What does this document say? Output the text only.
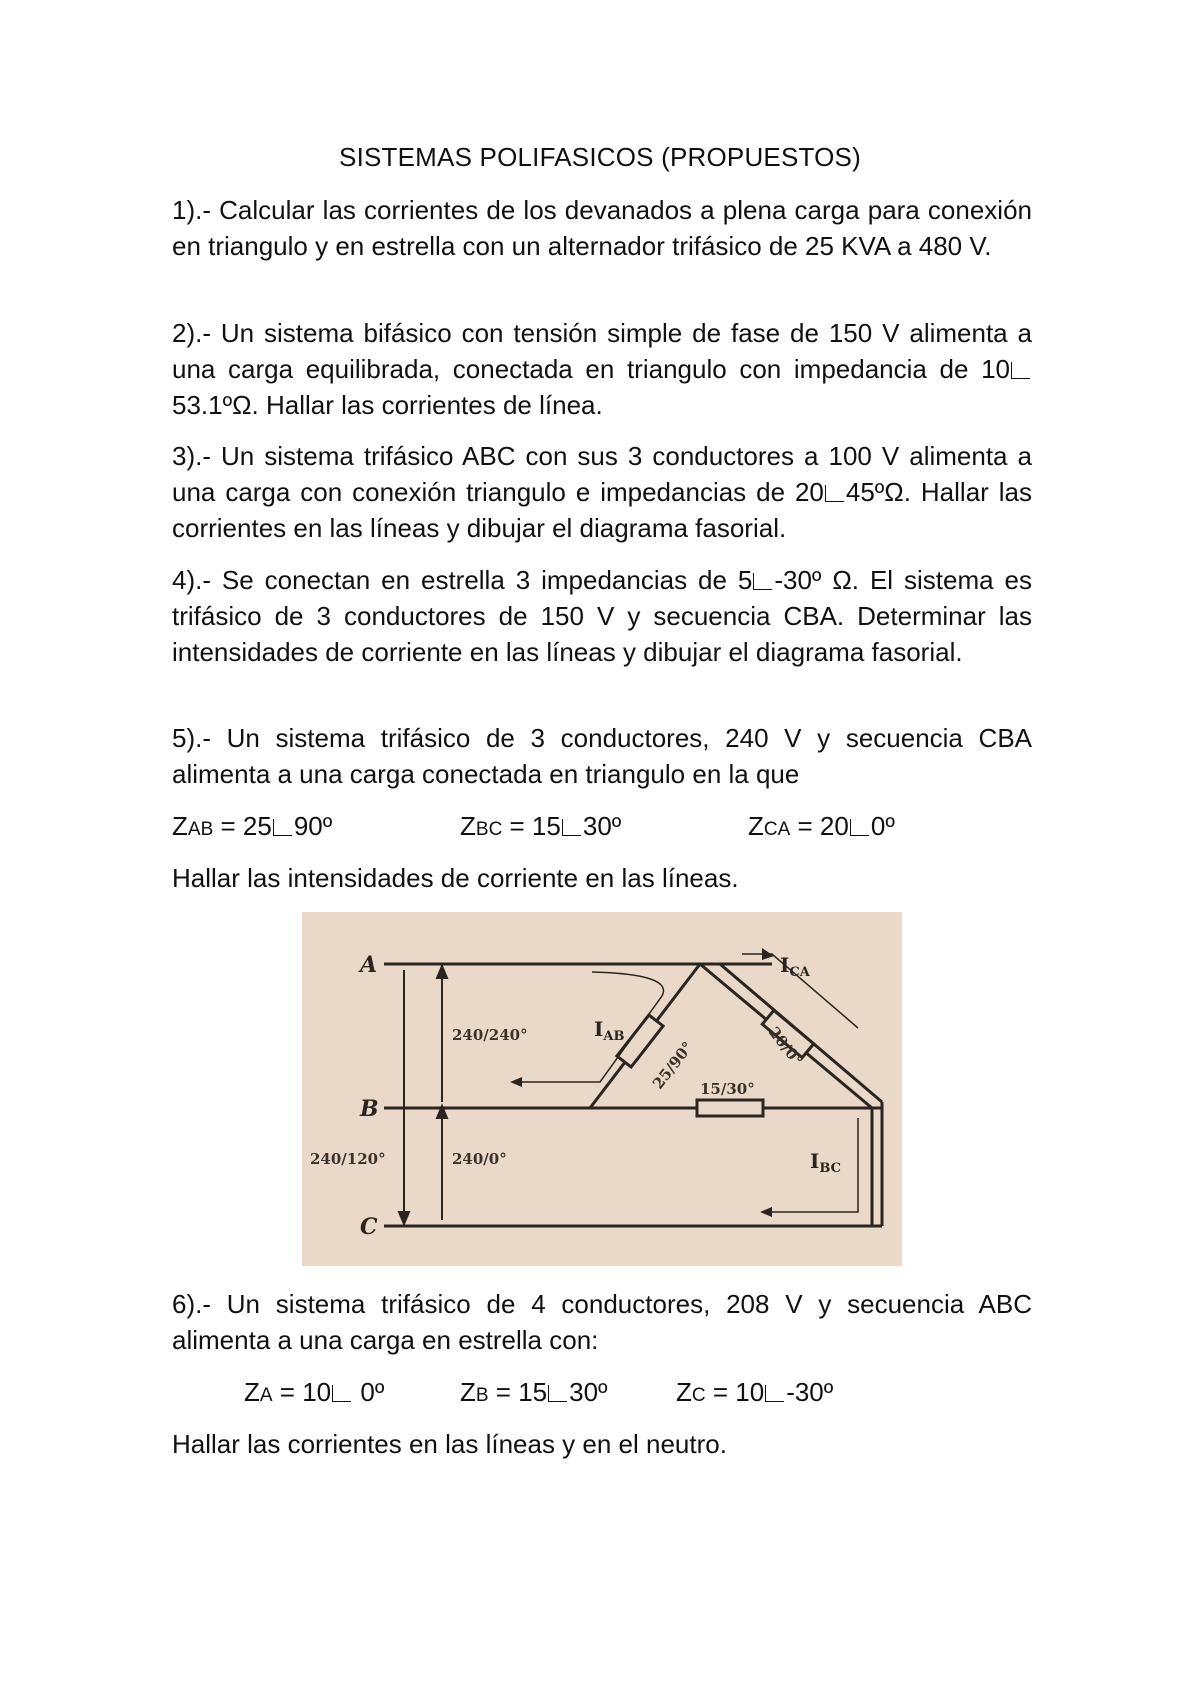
SISTEMAS POLIFASICOS (PROPUESTOS)
1).- Calcular las corrientes de los devanados a plena carga para conexión en triangulo y en estrella con un alternador trifásico de 25 KVA a 480 V.
2).- Un sistema bifásico con tensión simple de fase de 150 V alimenta a una carga equilibrada, conectada en triangulo con impedancia de 1053.1ºΩ. Hallar las corrientes de línea.
3).- Un sistema trifásico ABC con sus 3 conductores a 100 V alimenta a una carga con conexión triangulo e impedancias de 20 45ºΩ. Hallar las corrientes en las líneas y dibujar el diagrama fasorial.
4).- Se conectan en estrella 3 impedancias de 5 -30º Ω. El sistema es trifásico de 3 conductores de 150 V y secuencia CBA. Determinar las intensidades de corriente en las líneas y dibujar el diagrama fasorial.
5).- Un sistema trifásico de 3 conductores, 240 V y secuencia CBA alimenta a una carga conectada en triangulo en la que
ZAB = 25 90º	ZBC = 15 30º	ZCA = 20 0º
Hallar las intensidades de corriente en las líneas.
A
B
C
$I_{CA}$
$I_{AB}$
$I_{BC}$
240/240°
240/0°
240/120°
25/90°	20/0°
15/30°
6).- Un sistema trifásico de 4 conductores, 208 V y secuencia ABC alimenta a una carga en estrella con:
ZA = 10 0º	ZB = 15 30º	ZC = 10 -30º
Hallar las corrientes en las líneas y en el neutro.
